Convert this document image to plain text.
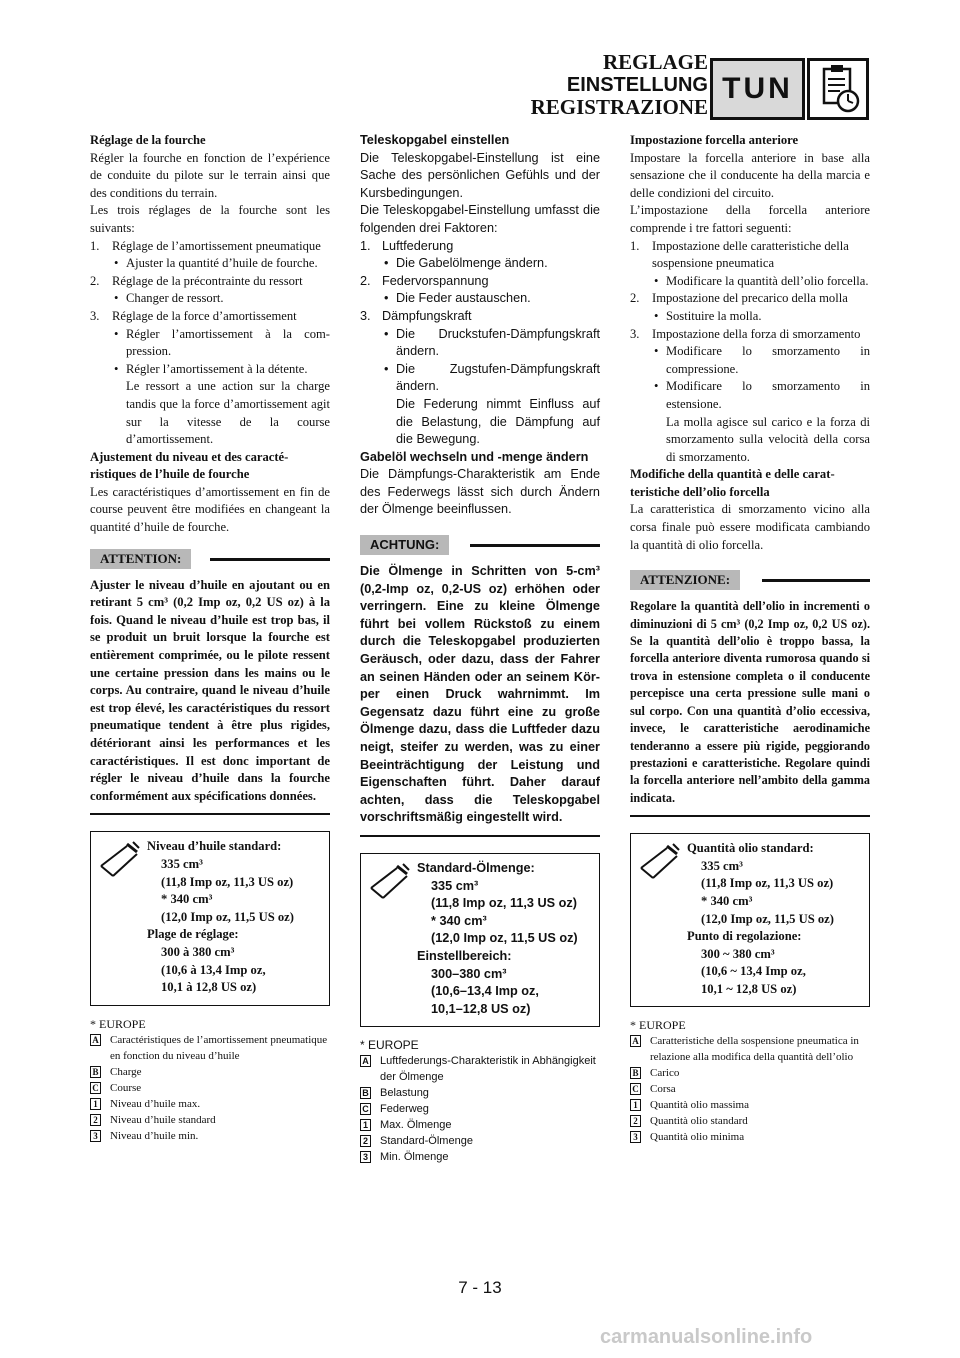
REGLAGE
EINSTELLUNG
REGISTRAZIONE
TUN
Réglage de la fourche
Régler la fourche en fonction de l’expérience de conduite du pilote sur le terrain ainsi que des conditions du terrain.
Les trois réglages de la fourche sont les suivants:
1. Réglage de l’amortissement pneumatique
• Ajuster la quantité d’huile de fourche.
2. Réglage de la précontrainte du ressort
• Changer de ressort.
3. Réglage de la force d’amortissement
• Régler l’amortissement à la compression.
• Régler l’amortissement à la détente.
Le ressort a une action sur la charge tandis que la force d’amortissement agit sur la vitesse de la course d’amortissement.
Ajustement du niveau et des caractéristiques de l’huile de fourche
Les caractéristiques d’amortissement en fin de course peuvent être modifiées en changeant la quantité d’huile de fourche.
ATTENTION:
Ajuster le niveau d’huile en ajoutant ou en retirant 5 cm³ (0,2 Imp oz, 0,2 US oz) à la fois. Quand le niveau d’huile est trop bas, il se produit un bruit lorsque la fourche est entièrement comprimée, ou le pilote ressent une certaine pression dans les mains ou le corps. Au contraire, quand le niveau d’huile est trop élevé, les caractéristiques du ressort pneumatique tendent à être plus rigides, détériorant ainsi les performances et les caractéristiques. Il est donc important de régler le niveau d’huile dans la fourche conformément aux spécifications données.
Niveau d’huile standard:
335 cm³
(11,8 Imp oz, 11,3 US oz)
* 340 cm³
(12,0 Imp oz, 11,5 US oz)
Plage de réglage:
300 à 380 cm³
(10,6 à 13,4 Imp oz,
10,1 à 12,8 US oz)
* EUROPE
A	Caractéristiques de l’amortissement pneumatique en fonction du niveau d’huile
B	Charge
C	Course
1	Niveau d’huile max.
2	Niveau d’huile standard
3	Niveau d’huile min.
Teleskopgabel einstellen
Die Teleskopgabel-Einstellung ist eine Sache des persönlichen Gefühls und der Kursbedingungen.
Die Teleskopgabel-Einstellung umfasst die folgenden drei Faktoren:
1. Luftfederung
• Die Gabelölmenge ändern.
2. Federvorspannung
• Die Feder austauschen.
3. Dämpfungskraft
• Die Druckstufen-Dämpfungskraft ändern.
• Die Zugstufen-Dämpfungskraft ändern.
Die Federung nimmt Einfluss auf die Belastung, die Dämpfung auf die Bewegung.
Gabelöl wechseln und -menge ändern
Die Dämpfungs-Charakteristik am Ende des Federwegs lässt sich durch Ändern der Ölmenge beeinflussen.
ACHTUNG:
Die Ölmenge in Schritten von 5-cm³ (0,2-Imp oz, 0,2-US oz) erhöhen oder verringern. Eine zu kleine Ölmenge führt bei vollem Rückstoß zu einem durch die Teleskopgabel produzierten Geräusch, oder dazu, dass der Fahrer an seinen Händen oder an seinem Körper einen Druck wahrnimmt. Im Gegensatz dazu führt eine zu große Ölmenge dazu, dass die Luftfeder dazu neigt, steifer zu werden, was zu einer Beeinträchtigung der Leistung und Eigenschaften führt. Daher darauf achten, dass die Teleskopgabel vorschriftsmäßig eingestellt wird.
Standard-Ölmenge:
335 cm³
(11,8 Imp oz, 11,3 US oz)
* 340 cm³
(12,0 Imp oz, 11,5 US oz)
Einstellbereich:
300–380 cm³
(10,6–13,4 Imp oz,
10,1–12,8 US oz)
* EUROPE
A	Luftfederungs-Charakteristik in Abhängigkeit der Ölmenge
B	Belastung
C	Federweg
1	Max. Ölmenge
2	Standard-Ölmenge
3	Min. Ölmenge
Impostazione forcella anteriore
Impostare la forcella anteriore in base alla sensazione che il conducente ha della marcia e delle condizioni del circuito.
L’impostazione della forcella anteriore comprende i tre fattori seguenti:
1. Impostazione delle caratteristiche della sospensione pneumatica
• Modificare la quantità dell’olio forcella.
2. Impostazione del precarico della molla
• Sostituire la molla.
3. Impostazione della forza di smorzamento
• Modificare lo smorzamento in compressione.
• Modificare lo smorzamento in estensione.
La molla agisce sul carico e la forza di smorzamento sulla velocità della corsa di smorzamento.
Modifiche della quantità e delle caratteristiche dell’olio forcella
La caratteristica di smorzamento vicino alla corsa finale può essere modificata cambiando la quantità di olio forcella.
ATTENZIONE:
Regolare la quantità dell’olio in incrementi o diminuzioni di 5 cm³ (0,2 Imp oz, 0,2 US oz). Se la quantità dell’olio è troppo bassa, la forcella anteriore diventa rumorosa quando si trova in estensione completa o il conducente percepisce una certa pressione sulle mani o sul corpo. Con una quantità d’olio eccessiva, invece, le caratteristiche aerodinamiche tenderanno a essere più rigide, peggiorando prestazioni e caratteristiche. Regolare quindi la forcella anteriore nell’ambito della gamma indicata.
Quantità olio standard:
335 cm³
(11,8 Imp oz, 11,3 US oz)
* 340 cm³
(12,0 Imp oz, 11,5 US oz)
Punto di regolazione:
300 ~ 380 cm³
(10,6 ~ 13,4 Imp oz,
10,1 ~ 12,8 US oz)
* EUROPE
A	Caratteristiche della sospensione pneumatica in relazione alla modifica della quantità dell’olio
B	Carico
C	Corsa
1	Quantità olio massima
2	Quantità olio standard
3	Quantità olio minima
7 - 13
carmanualsonline.info
